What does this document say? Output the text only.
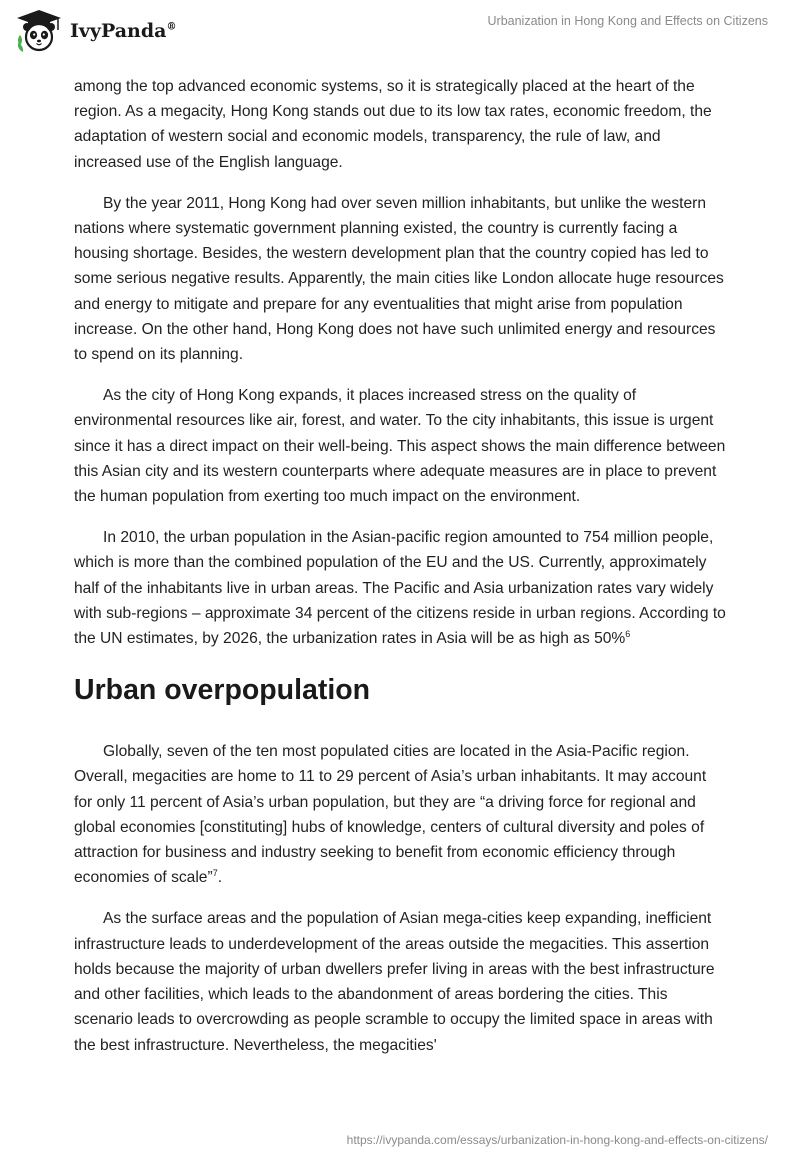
IvyPanda®	Urbanization in Hong Kong and Effects on Citizens

among the top advanced economic systems, so it is strategically placed at the heart of the region. As a megacity, Hong Kong stands out due to its low tax rates, economic freedom, the adaptation of western social and economic models, transparency, the rule of law, and increased use of the English language.

By the year 2011, Hong Kong had over seven million inhabitants, but unlike the western nations where systematic government planning existed, the country is currently facing a housing shortage. Besides, the western development plan that the country copied has led to some serious negative results. Apparently, the main cities like London allocate huge resources and energy to mitigate and prepare for any eventualities that might arise from population increase. On the other hand, Hong Kong does not have such unlimited energy and resources to spend on its planning.

As the city of Hong Kong expands, it places increased stress on the quality of environmental resources like air, forest, and water. To the city inhabitants, this issue is urgent since it has a direct impact on their well-being. This aspect shows the main difference between this Asian city and its western counterparts where adequate measures are in place to prevent the human population from exerting too much impact on the environment.

In 2010, the urban population in the Asian-pacific region amounted to 754 million people, which is more than the combined population of the EU and the US. Currently, approximately half of the inhabitants live in urban areas. The Pacific and Asia urbanization rates vary widely with sub-regions – approximate 34 percent of the citizens reside in urban regions. According to the UN estimates, by 2026, the urbanization rates in Asia will be as high as 50%$^6$

Urban overpopulation

Globally, seven of the ten most populated cities are located in the Asia-Pacific region. Overall, megacities are home to 11 to 29 percent of Asia’s urban inhabitants. It may account for only 11 percent of Asia’s urban population, but they are “a driving force for regional and global economies [constituting] hubs of knowledge, centers of cultural diversity and poles of attraction for business and industry seeking to benefit from economic efficiency through economies of scale”$^7$.

As the surface areas and the population of Asian mega-cities keep expanding, inefficient infrastructure leads to underdevelopment of the areas outside the megacities. This assertion holds because the majority of urban dwellers prefer living in areas with the best infrastructure and other facilities, which leads to the abandonment of areas bordering the cities. This scenario leads to overcrowding as people scramble to occupy the limited space in areas with the best infrastructure. Nevertheless, the megacities'

https://ivypanda.com/essays/urbanization-in-hong-kong-and-effects-on-citizens/
